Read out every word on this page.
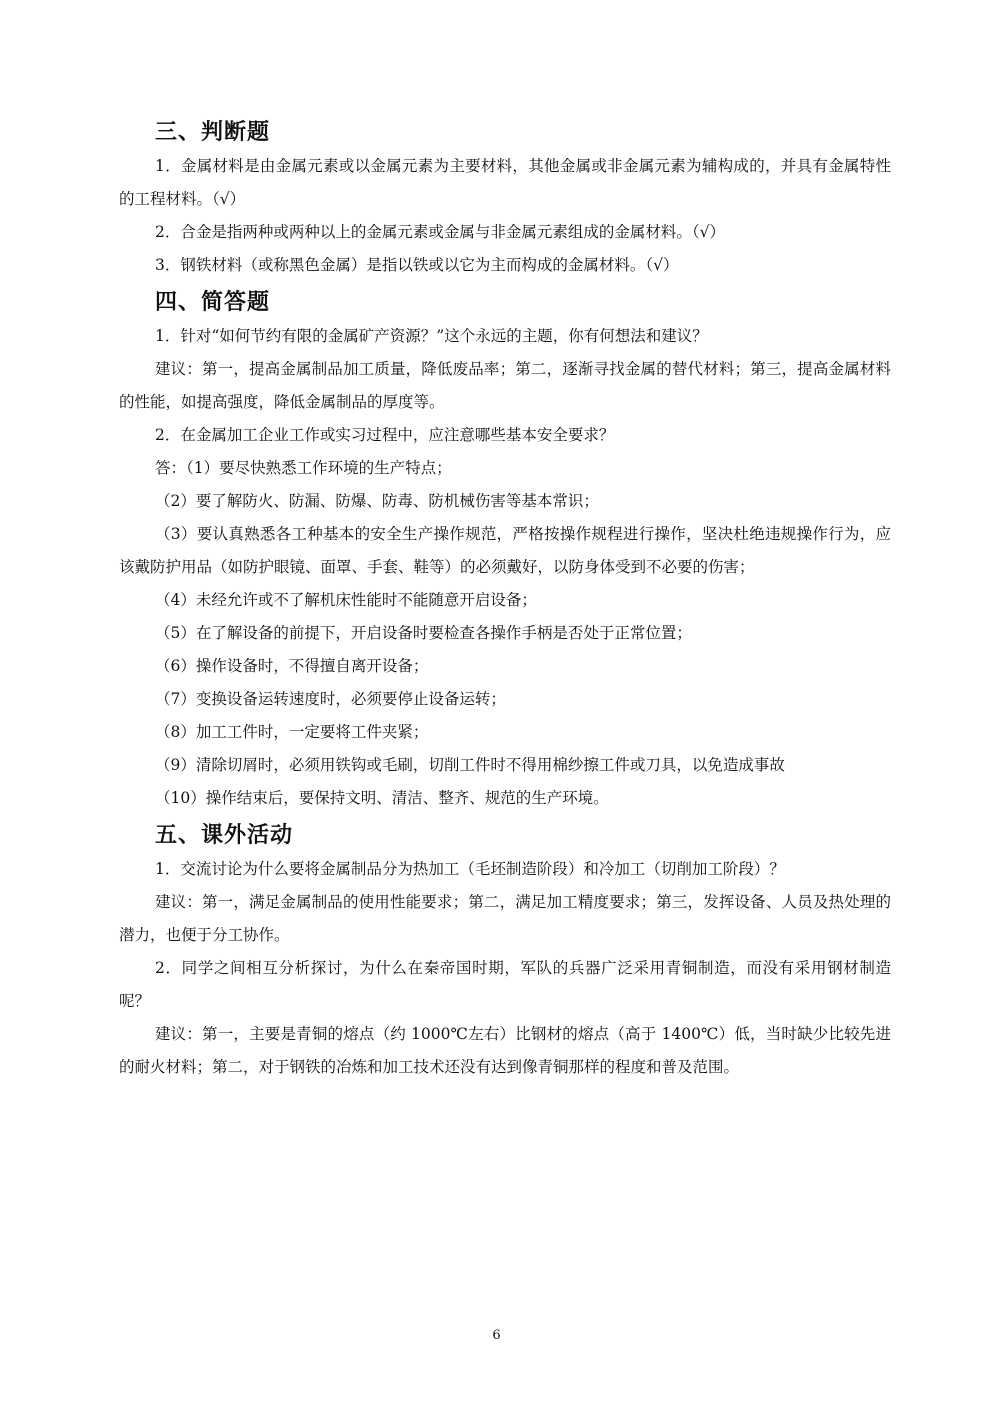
三、判断题

1．金属材料是由金属元素或以金属元素为主要材料，其他金属或非金属元素为辅构成的，并具有金属特性的工程材料。（√）

2．合金是指两种或两种以上的金属元素或金属与非金属元素组成的金属材料。（√）

3．钢铁材料（或称黑色金属）是指以铁或以它为主而构成的金属材料。（√）

四、简答题

1．针对“如何节约有限的金属矿产资源？”这个永远的主题，你有何想法和建议？

建议：第一，提高金属制品加工质量，降低废品率；第二，逐渐寻找金属的替代材料；第三，提高金属材料的性能，如提高强度，降低金属制品的厚度等。

2．在金属加工企业工作或实习过程中，应注意哪些基本安全要求？

答：（1）要尽快熟悉工作环境的生产特点；

（2）要了解防火、防漏、防爆、防毒、防机械伤害等基本常识；

（3）要认真熟悉各工种基本的安全生产操作规范，严格按操作规程进行操作，坚决杜绝违规操作行为，应该戴防护用品（如防护眼镜、面罩、手套、鞋等）的必须戴好，以防身体受到不必要的伤害；

（4）未经允许或不了解机床性能时不能随意开启设备；

（5）在了解设备的前提下，开启设备时要检查各操作手柄是否处于正常位置；

（6）操作设备时，不得擅自离开设备；

（7）变换设备运转速度时，必须要停止设备运转；

（8）加工工件时，一定要将工件夹紧；

（9）清除切屑时，必须用铁钩或毛刷，切削工件时不得用棉纱擦工件或刀具，以免造成事故

（10）操作结束后，要保持文明、清洁、整齐、规范的生产环境。

五、课外活动

1．交流讨论为什么要将金属制品分为热加工（毛坯制造阶段）和冷加工（切削加工阶段）？

建议：第一，满足金属制品的使用性能要求；第二，满足加工精度要求；第三，发挥设备、人员及热处理的潜力，也便于分工协作。

2．同学之间相互分析探讨，为什么在秦帝国时期，军队的兵器广泛采用青铜制造，而没有采用钢材制造呢？

建议：第一，主要是青铜的熔点（约 1000℃左右）比钢材的熔点（高于 1400℃）低，当时缺少比较先进的耐火材料；第二，对于钢铁的冶炼和加工技术还没有达到像青铜那样的程度和普及范围。

6
